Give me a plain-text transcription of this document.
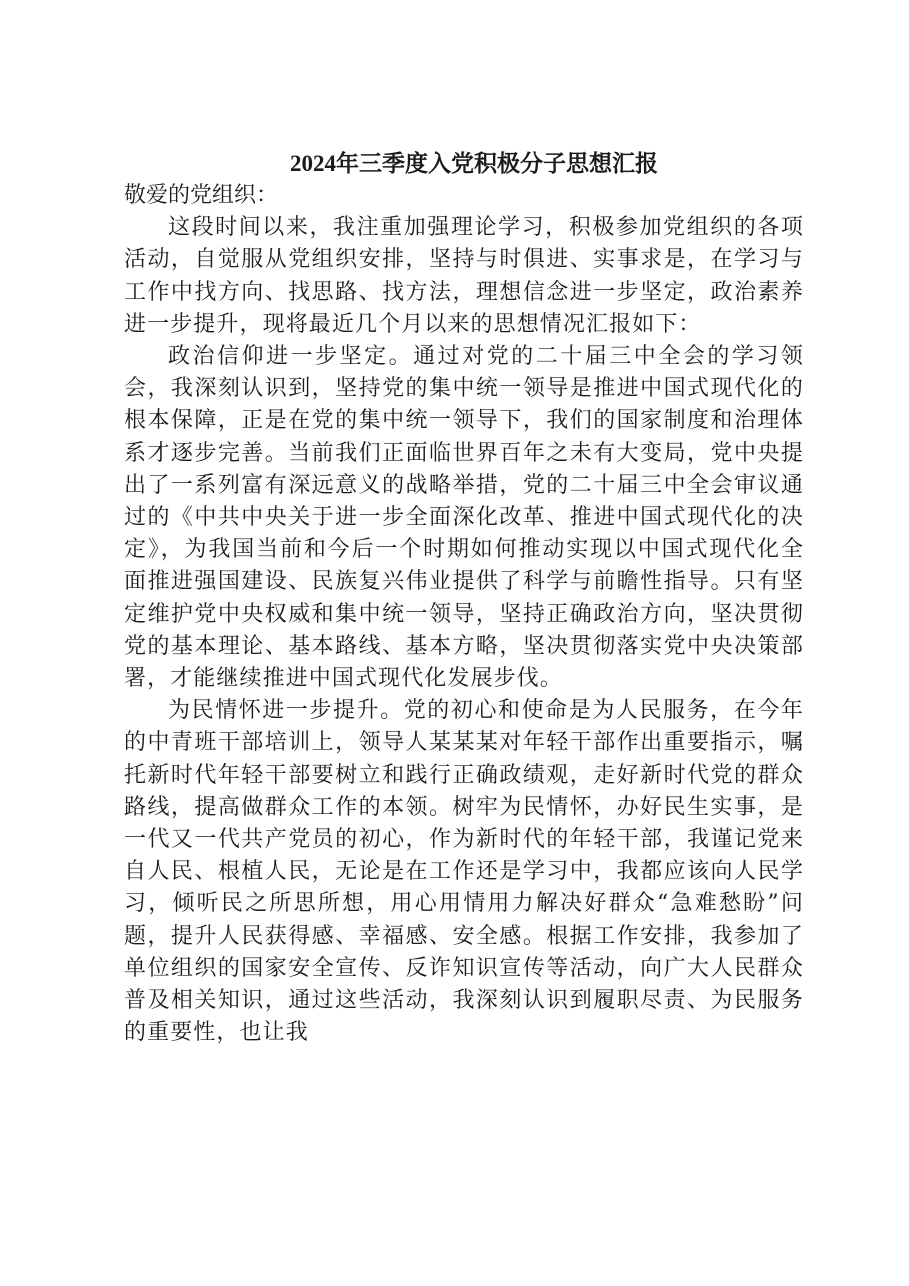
2024年三季度入党积极分子思想汇报

敬爱的党组织：

这段时间以来，我注重加强理论学习，积极参加党组织的各项活动，自觉服从党组织安排，坚持与时俱进、实事求是，在学习与工作中找方向、找思路、找方法，理想信念进一步坚定，政治素养进一步提升，现将最近几个月以来的思想情况汇报如下：

政治信仰进一步坚定。通过对党的二十届三中全会的学习领会，我深刻认识到，坚持党的集中统一领导是推进中国式现代化的根本保障，正是在党的集中统一领导下，我们的国家制度和治理体系才逐步完善。当前我们正面临世界百年之未有大变局，党中央提出了一系列富有深远意义的战略举措，党的二十届三中全会审议通过的《中共中央关于进一步全面深化改革、推进中国式现代化的决定》，为我国当前和今后一个时期如何推动实现以中国式现代化全面推进强国建设、民族复兴伟业提供了科学与前瞻性指导。只有坚定维护党中央权威和集中统一领导，坚持正确政治方向，坚决贯彻党的基本理论、基本路线、基本方略，坚决贯彻落实党中央决策部署，才能继续推进中国式现代化发展步伐。

为民情怀进一步提升。党的初心和使命是为人民服务，在今年的中青班干部培训上，领导人某某某对年轻干部作出重要指示，嘱托新时代年轻干部要树立和践行正确政绩观，走好新时代党的群众路线，提高做群众工作的本领。树牢为民情怀，办好民生实事，是一代又一代共产党员的初心，作为新时代的年轻干部，我谨记党来自人民、根植人民，无论是在工作还是学习中，我都应该向人民学习，倾听民之所思所想，用心用情用力解决好群众“急难愁盼”问题，提升人民获得感、幸福感、安全感。根据工作安排，我参加了单位组织的国家安全宣传、反诈知识宣传等活动，向广大人民群众普及相关知识，通过这些活动，我深刻认识到履职尽责、为民服务的重要性，也让我
